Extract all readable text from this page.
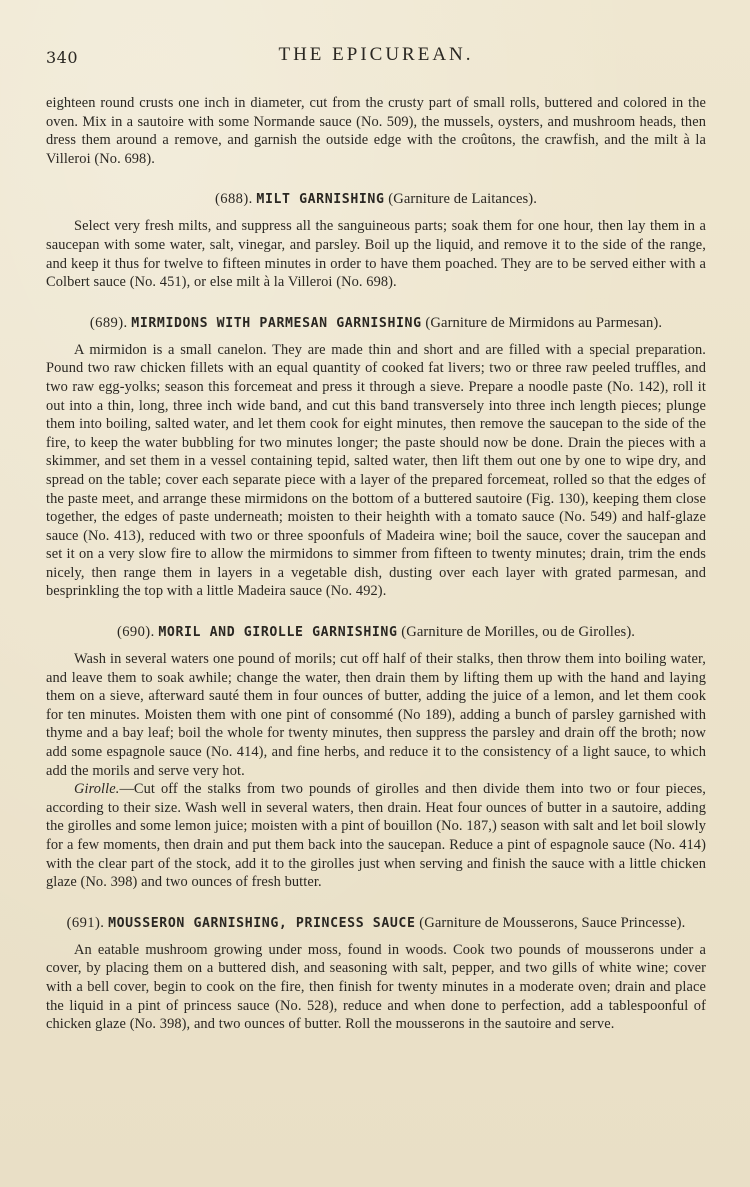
340	THE EPICUREAN.

eighteen round crusts one inch in diameter, cut from the crusty part of small rolls, buttered and colored in the oven. Mix in a sautoire with some Normande sauce (No. 509), the mussels, oysters, and mushroom heads, then dress them around a remove, and garnish the outside edge with the croûtons, the crawfish, and the milt à la Villeroi (No. 698).

(688). MILT GARNISHING (Garniture de Laitances).

Select very fresh milts, and suppress all the sanguineous parts; soak them for one hour, then lay them in a saucepan with some water, salt, vinegar, and parsley. Boil up the liquid, and remove it to the side of the range, and keep it thus for twelve to fifteen minutes in order to have them poached. They are to be served either with a Colbert sauce (No. 451), or else milt à la Villeroi (No. 698).

(689). MIRMIDONS WITH PARMESAN GARNISHING (Garniture de Mirmidons au Parmesan).

A mirmidon is a small canelon. They are made thin and short and are filled with a special preparation. Pound two raw chicken fillets with an equal quantity of cooked fat livers; two or three raw peeled truffles, and two raw egg-yolks; season this forcemeat and press it through a sieve. Prepare a noodle paste (No. 142), roll it out into a thin, long, three inch wide band, and cut this band transversely into three inch length pieces; plunge them into boiling, salted water, and let them cook for eight minutes, then remove the saucepan to the side of the fire, to keep the water bubbling for two minutes longer; the paste should now be done. Drain the pieces with a skimmer, and set them in a vessel containing tepid, salted water, then lift them out one by one to wipe dry, and spread on the table; cover each separate piece with a layer of the prepared forcemeat, rolled so that the edges of the paste meet, and arrange these mirmidons on the bottom of a buttered sautoire (Fig. 130), keeping them close together, the edges of paste underneath; moisten to their heighth with a tomato sauce (No. 549) and half-glaze sauce (No. 413), reduced with two or three spoonfuls of Madeira wine; boil the sauce, cover the saucepan and set it on a very slow fire to allow the mirmidons to simmer from fifteen to twenty minutes; drain, trim the ends nicely, then range them in layers in a vegetable dish, dusting over each layer with grated parmesan, and besprinkling the top with a little Madeira sauce (No. 492).

(690). MORIL AND GIROLLE GARNISHING (Garniture de Morilles, ou de Girolles).

Wash in several waters one pound of morils; cut off half of their stalks, then throw them into boiling water, and leave them to soak awhile; change the water, then drain them by lifting them up with the hand and laying them on a sieve, afterward sauté them in four ounces of butter, adding the juice of a lemon, and let them cook for ten minutes. Moisten them with one pint of consommé (No 189), adding a bunch of parsley garnished with thyme and a bay leaf; boil the whole for twenty minutes, then suppress the parsley and drain off the broth; now add some espagnole sauce (No. 414), and fine herbs, and reduce it to the consistency of a light sauce, to which add the morils and serve very hot.

Girolle.—Cut off the stalks from two pounds of girolles and then divide them into two or four pieces, according to their size. Wash well in several waters, then drain. Heat four ounces of butter in a sautoire, adding the girolles and some lemon juice; moisten with a pint of bouillon (No. 187,) season with salt and let boil slowly for a few moments, then drain and put them back into the saucepan. Reduce a pint of espagnole sauce (No. 414) with the clear part of the stock, add it to the girolles just when serving and finish the sauce with a little chicken glaze (No. 398) and two ounces of fresh butter.

(691). MOUSSERON GARNISHING, PRINCESS SAUCE (Garniture de Mousserons, Sauce Princesse).

An eatable mushroom growing under moss, found in woods. Cook two pounds of mousserons under a cover, by placing them on a buttered dish, and seasoning with salt, pepper, and two gills of white wine; cover with a bell cover, begin to cook on the fire, then finish for twenty minutes in a moderate oven; drain and place the liquid in a pint of princess sauce (No. 528), reduce and when done to perfection, add a tablespoonful of chicken glaze (No. 398), and two ounces of butter. Roll the mousserons in the sautoire and serve.
